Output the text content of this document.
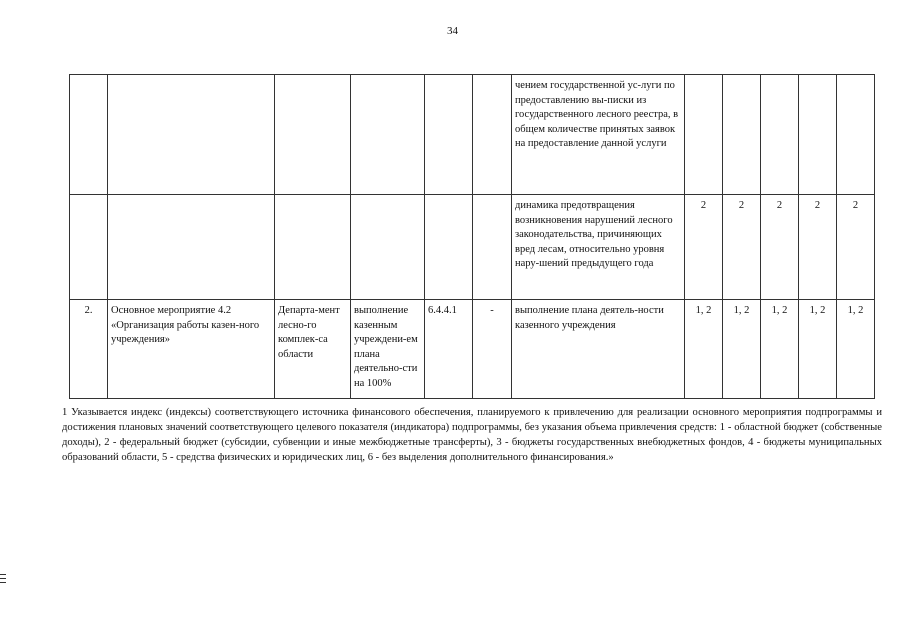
34
						чением государственной ус-луги по предоставлению вы-писки из государственного лесного реестра, в общем количестве принятых заявок на предоставление данной услуги					
						динамика предотвращения возникновения нарушений лесного законодательства, причиняющих вред лесам, относительно уровня нару-шений предыдущего года	2	2	2	2	2
2.	Основное мероприятие 4.2 «Организация работы казен-ного учреждения»	Департа-мент лесно-го комплек-са области	выполнение казенным учреждени-ем плана деятельно-сти на 100%	6.4.4.1	-	выполнение плана деятель-ности казенного учреждения	1, 2	1, 2	1, 2	1, 2	1, 2
1 Указывается индекс (индексы) соответствующего источника финансового обеспечения, планируемого к привлечению для реализации основного мероприятия подпрограммы и достижения плановых значений соответствующего целевого показателя (индикатора) подпрограммы, без указания объема привлечения средств: 1 - областной бюджет (собственные доходы), 2 - федеральный бюджет (субсидии, субвенции и иные межбюджетные трансферты), 3 - бюджеты государственных внебюджетных фондов, 4 - бюджеты муниципальных образований области, 5 - средства физических и юридических лиц, 6 - без выделения дополнительного финансирования.»
